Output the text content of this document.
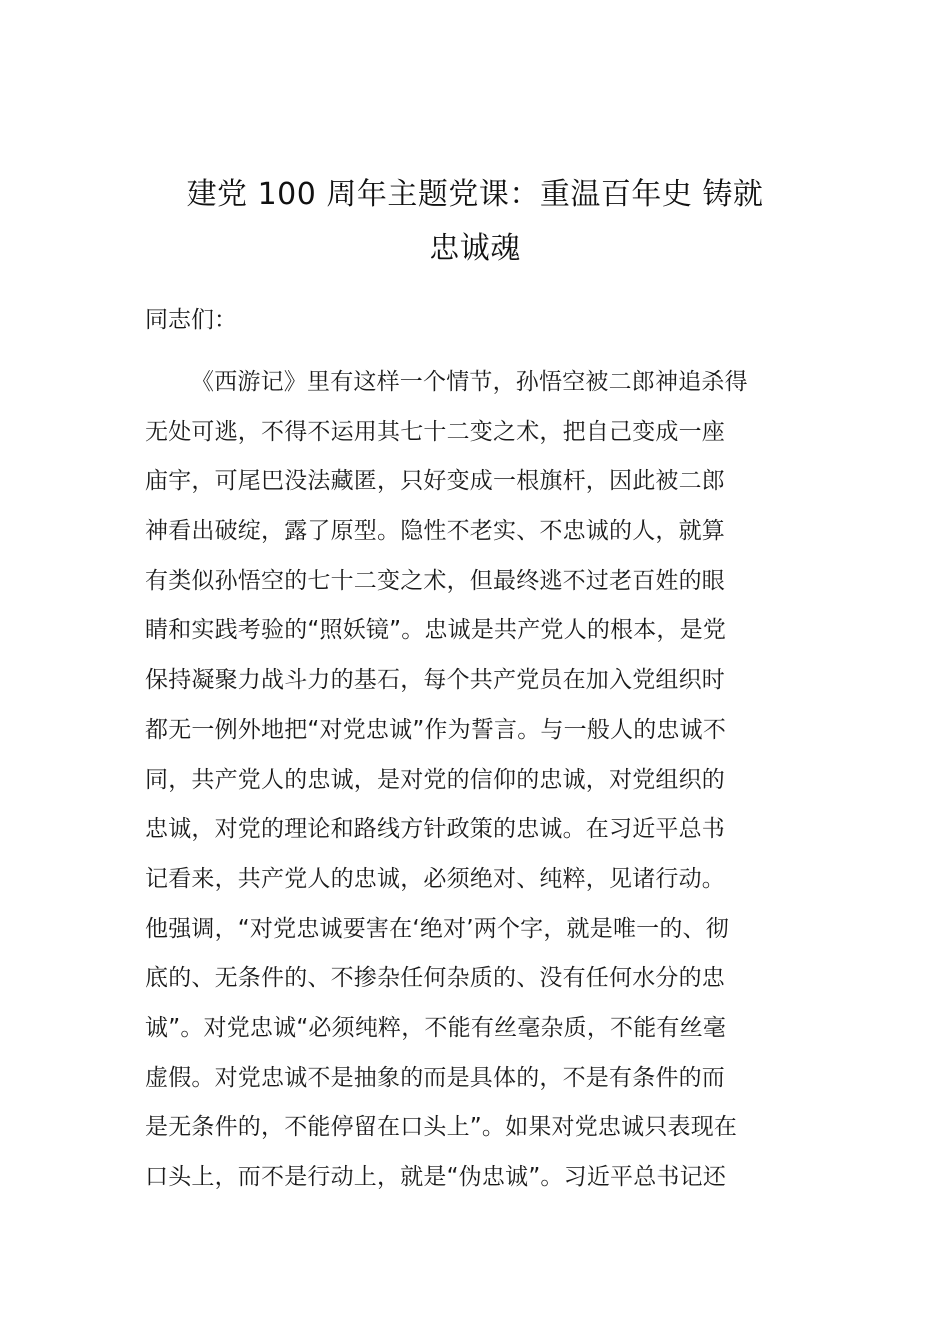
建党 100 周年主题党课：重温百年史 铸就
忠诚魂

同志们：

《西游记》里有这样一个情节，孙悟空被二郎神追杀得
无处可逃，不得不运用其七十二变之术，把自己变成一座
庙宇，可尾巴没法藏匿，只好变成一根旗杆，因此被二郎
神看出破绽，露了原型。隐性不老实、不忠诚的人，就算
有类似孙悟空的七十二变之术，但最终逃不过老百姓的眼
睛和实践考验的“照妖镜”。忠诚是共产党人的根本，是党
保持凝聚力战斗力的基石，每个共产党员在加入党组织时
都无一例外地把“对党忠诚”作为誓言。与一般人的忠诚不
同，共产党人的忠诚，是对党的信仰的忠诚，对党组织的
忠诚，对党的理论和路线方针政策的忠诚。在习近平总书
记看来，共产党人的忠诚，必须绝对、纯粹，见诸行动。
他强调，“对党忠诚要害在‘绝对’两个字，就是唯一的、彻
底的、无条件的、不掺杂任何杂质的、没有任何水分的忠
诚”。对党忠诚“必须纯粹，不能有丝毫杂质，不能有丝毫
虚假。对党忠诚不是抽象的而是具体的，不是有条件的而
是无条件的，不能停留在口头上”。如果对党忠诚只表现在
口头上，而不是行动上，就是“伪忠诚”。习近平总书记还
